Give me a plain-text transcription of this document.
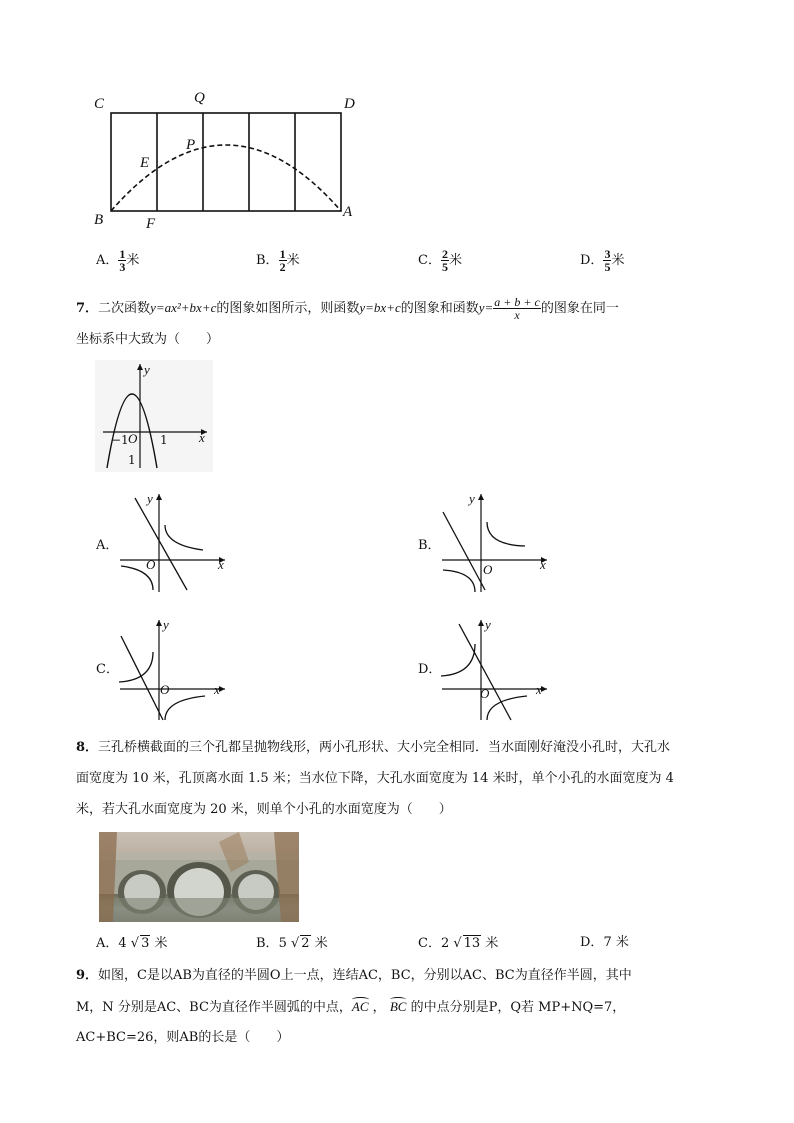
C	Q	D
E
P
B	F
A
A． $\frac{1}{3}$ 米	B． $\frac{1}{2}$ 米	C． $\frac{2}{5}$ 米	D． $\frac{3}{5}$ 米
7．二次函数y=ax²+bx+c的图象如图所示，则函数y=bx+c的图象和函数$y= \frac{a + b + c}{x}$ 的图象在同一
坐标系中大致为（　　）
y
x
−1 O 1
1
A．
y
x
O
B．
y
x
O
C．
y
x
O
D．
y
x
O
8．三孔桥横截面的三个孔都呈抛物线形，两小孔形状、大小完全相同．当水面刚好淹没小孔时，大孔水
面宽度为 10 米，孔顶离水面 1.5 米；当水位下降，大孔水面宽度为 14 米时，单个小孔的水面宽度为 4
米，若大孔水面宽度为 20 米，则单个小孔的水面宽度为（　　）
A．4 √ 3 米	B．5 √ 2 米	C．2 √ 13 米	D．7 米
9．如图，C是以AB为直径的半圆O上一点，连结AC，BC，分别以AC、BC为直径作半圆，其中
M，N 分别是AC、BC为直径作半圆弧的中点，AC ， BC 的中点分别是P，Q若 MP+NQ=7，
AC+BC=26，则AB的长是（　　）
